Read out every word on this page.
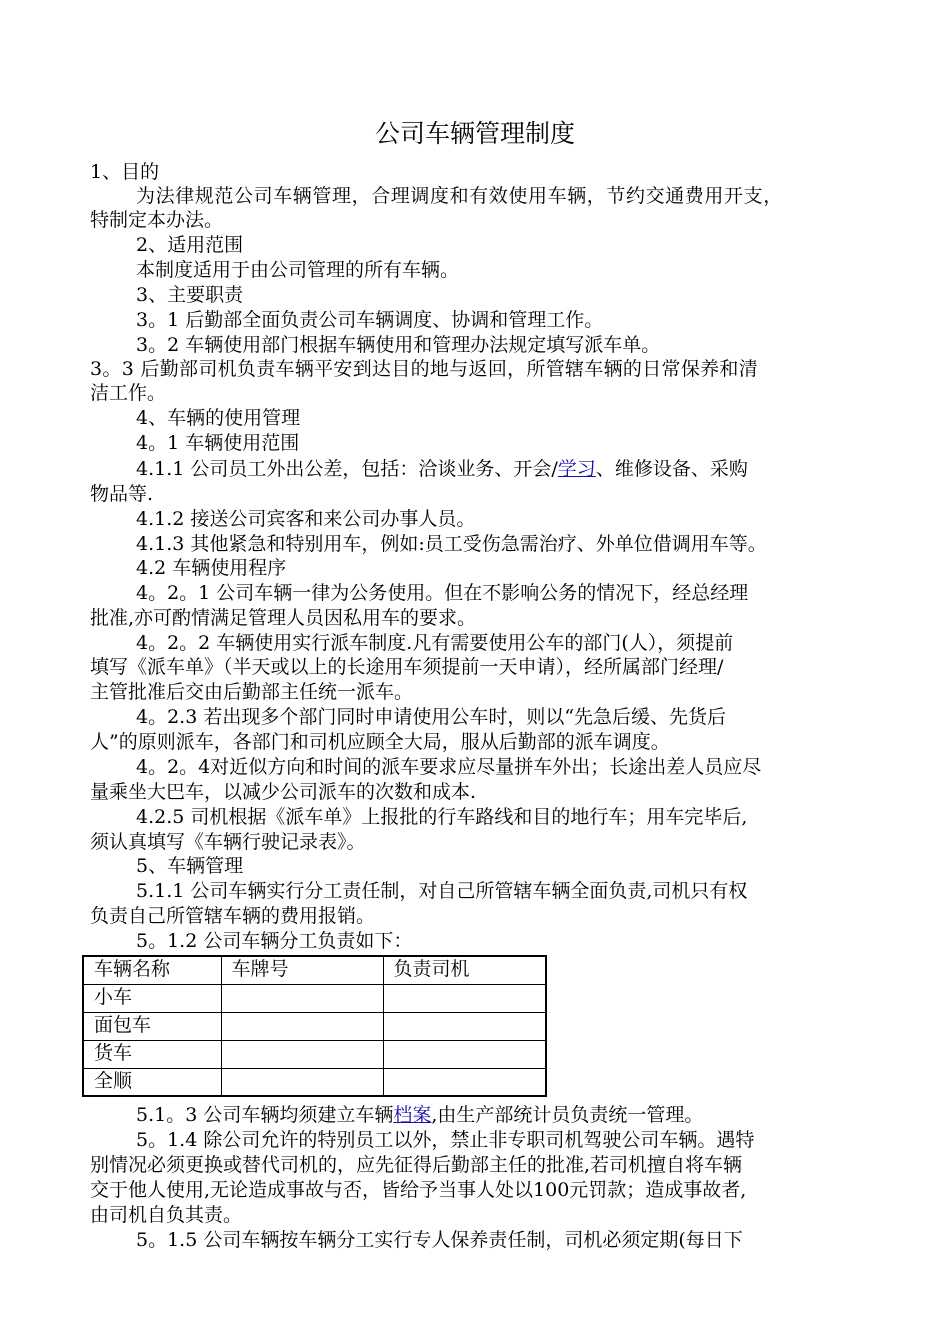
公司车辆管理制度
1、目的
为法律规范公司车辆管理，合理调度和有效使用车辆，节约交通费用开支，
特制定本办法。
2、适用范围
本制度适用于由公司管理的所有车辆。
3、主要职责
3。1 后勤部全面负责公司车辆调度、协调和管理工作。
3。2 车辆使用部门根据车辆使用和管理办法规定填写派车单。
3。3 后勤部司机负责车辆平安到达目的地与返回，所管辖车辆的日常保养和清
洁工作。
4、车辆的使用管理
4。1 车辆使用范围
4.1.1 公司员工外出公差，包括：洽谈业务、开会/学习、维修设备、采购
物品等.
4.1.2 接送公司宾客和来公司办事人员。
4.1.3 其他紧急和特别用车，例如:员工受伤急需治疗、外单位借调用车等。
4.2 车辆使用程序
4。2。1 公司车辆一律为公务使用。但在不影响公务的情况下，经总经理
批准,亦可酌情满足管理人员因私用车的要求。
4。2。2 车辆使用实行派车制度.凡有需要使用公车的部门(人），须提前
填写《派车单》（半天或以上的长途用车须提前一天申请），经所属部门经理/
主管批准后交由后勤部主任统一派车。
4。2.3 若出现多个部门同时申请使用公车时，则以“先急后缓、先货后
人”的原则派车，各部门和司机应顾全大局，服从后勤部的派车调度。
4。2。4对近似方向和时间的派车要求应尽量拼车外出；长途出差人员应尽
量乘坐大巴车，以减少公司派车的次数和成本.
4.2.5 司机根据《派车单》上报批的行车路线和目的地行车；用车完毕后,
须认真填写《车辆行驶记录表》。
5、车辆管理
5.1.1 公司车辆实行分工责任制，对自己所管辖车辆全面负责,司机只有权
负责自己所管辖车辆的费用报销。
5。1.2 公司车辆分工负责如下：
车辆名称	车牌号	负责司机
小车		
面包车		
货车		
全顺		
5.1。3 公司车辆均须建立车辆档案,由生产部统计员负责统一管理。
5。1.4 除公司允许的特别员工以外，禁止非专职司机驾驶公司车辆。遇特
别情况必须更换或替代司机的，应先征得后勤部主任的批准,若司机擅自将车辆
交于他人使用,无论造成事故与否，皆给予当事人处以100元罚款；造成事故者,
由司机自负其责。
5。1.5 公司车辆按车辆分工实行专人保养责任制，司机必须定期(每日下
